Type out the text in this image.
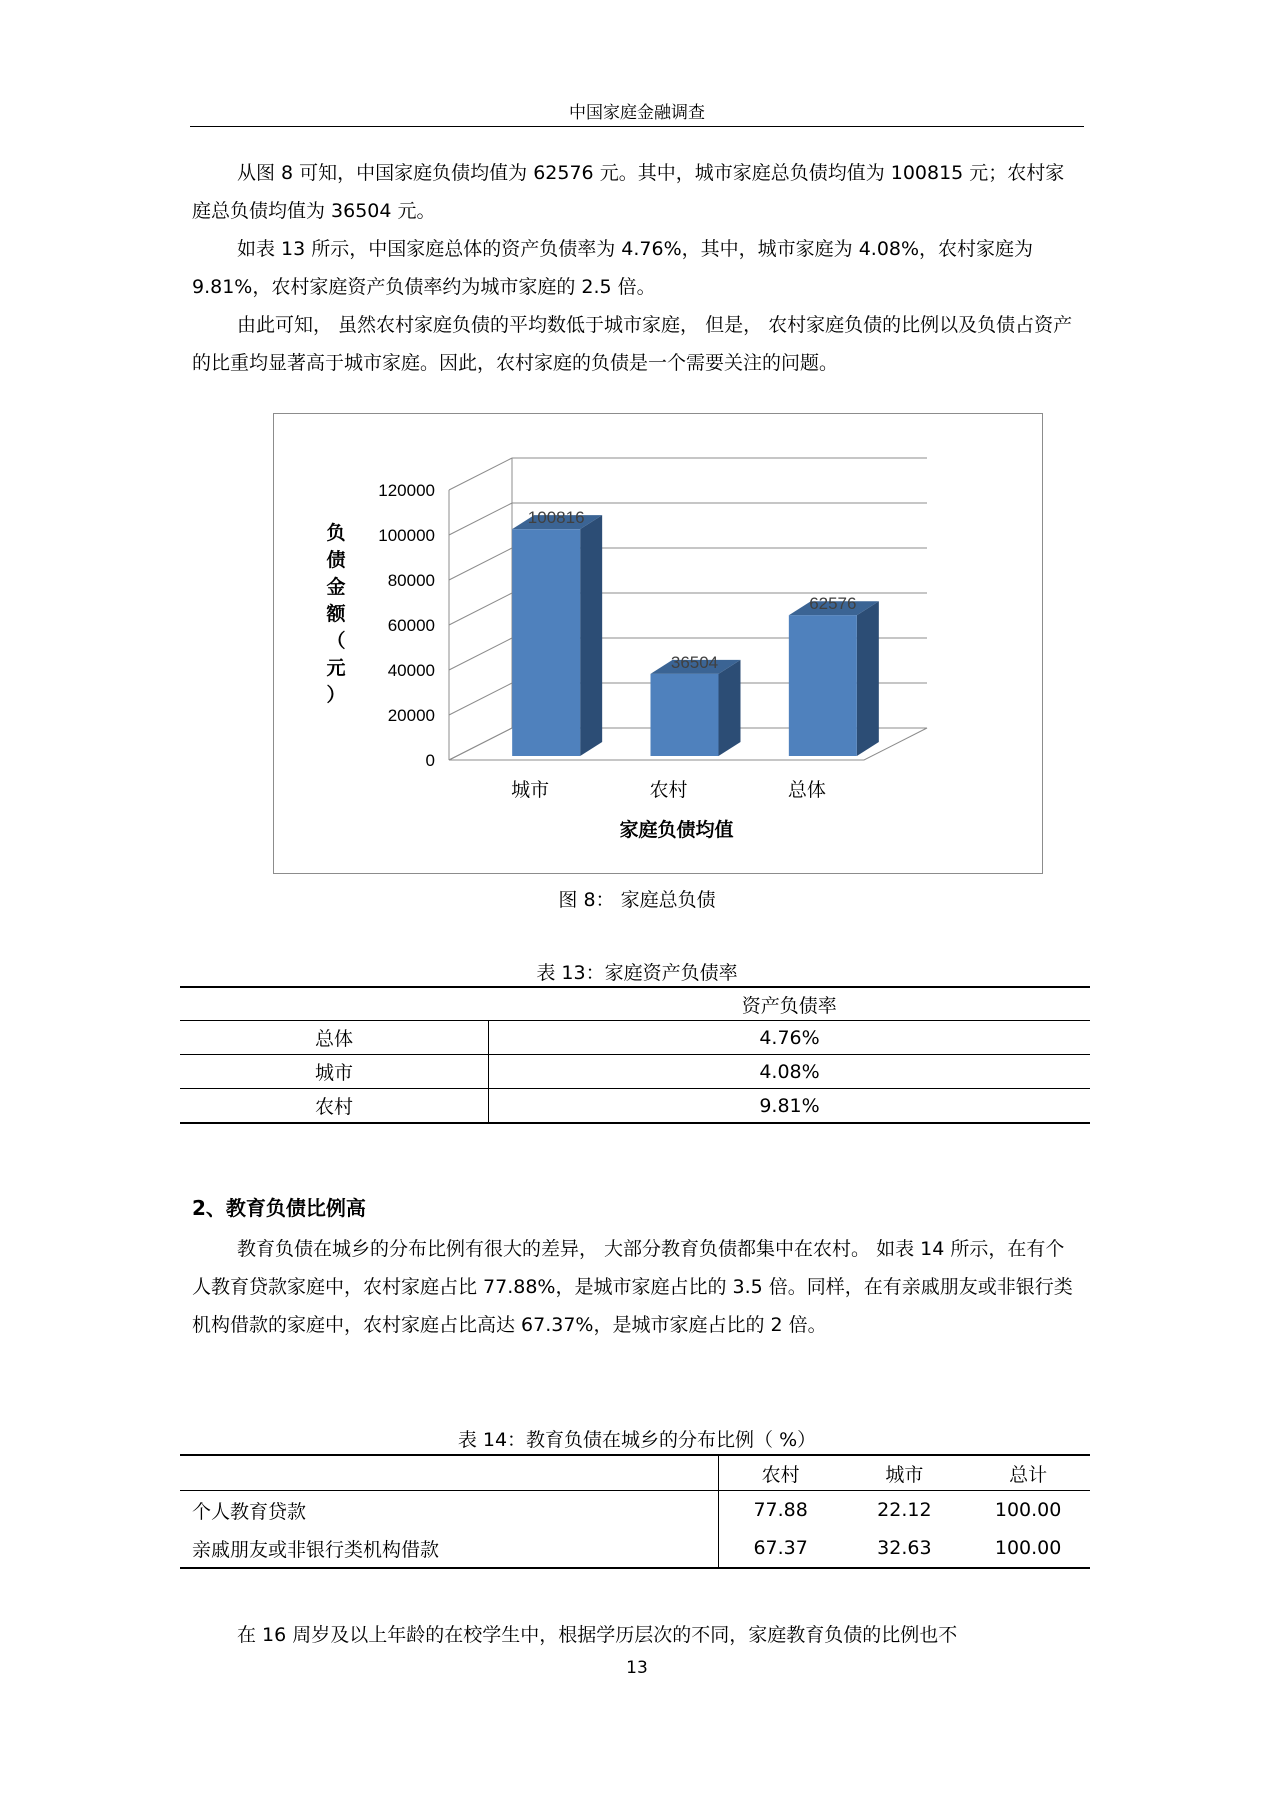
中国家庭金融调查

从图 8 可知，中国家庭负债均值为 62576 元。其中，城市家庭总负债均值为 100815 元；农村家庭总负债均值为 36504 元。

如表 13 所示，中国家庭总体的资产负债率为 4.76%，其中，城市家庭为 4.08%，农村家庭为 9.81%，农村家庭资产负债率约为城市家庭的 2.5 倍。

由此可知， 虽然农村家庭负债的平均数低于城市家庭， 但是， 农村家庭负债的比例以及负债占资产的比重均显著高于城市家庭。因此，农村家庭的负债是一个需要关注的问题。

0
20000
40000
60000
80000
100000
120000
100816
城市
36504
农村
62576
总体
家庭负债均值
负
债
金
额
（
元
）
图 8： 家庭总负债
表 13：家庭资产负债率
	资产负债率
总体	4.76%
城市	4.08%
农村	9.81%
2、教育负债比例高

教育负债在城乡的分布比例有很大的差异， 大部分教育负债都集中在农村。 如表 14 所示，在有个人教育贷款家庭中，农村家庭占比 77.88%，是城市家庭占比的 3.5 倍。同样，在有亲戚朋友或非银行类机构借款的家庭中，农村家庭占比高达 67.37%，是城市家庭占比的 2 倍。

表 14：教育负债在城乡的分布比例（ %）
	农村	城市	总计
个人教育贷款	77.88	22.12	100.00
亲戚朋友或非银行类机构借款	67.37	32.63	100.00

在 16 周岁及以上年龄的在校学生中，根据学历层次的不同，家庭教育负债的比例也不

13
